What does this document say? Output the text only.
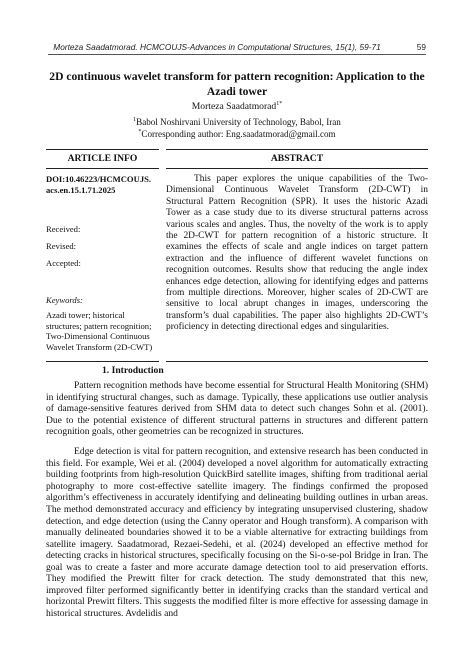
Morteza Saadatmorad. HCMCOUJS-Advances in Computational Structures, 15(1), 59-71	59
2D continuous wavelet transform for pattern recognition: Application to the Azadi tower
Morteza Saadatmorad$^{1*}$
$^1$Babol Noshirvani University of Technology, Babol, Iran
*Corresponding author: Eng.saadatmorad@gmail.com
ARTICLE INFO	ABSTRACT
DOI:10.46223/HCMCOUJS. acs.en.15.1.71.2025
Received:
Revised:
Accepted:
Keywords:
Azadi tower; historical structures; pattern recognition; Two-Dimensional Continuous Wavelet Transform (2D-CWT)
This paper explores the unique capabilities of the Two-Dimensional Continuous Wavelet Transform (2D-CWT) in Structural Pattern Recognition (SPR). It uses the historic Azadi Tower as a case study due to its diverse structural patterns across various scales and angles. Thus, the novelty of the work is to apply the 2D-CWT for pattern recognition of a historic structure. It examines the effects of scale and angle indices on target pattern extraction and the influence of different wavelet functions on recognition outcomes. Results show that reducing the angle index enhances edge detection, allowing for identifying edges and patterns from multiple directions. Moreover, higher scales of 2D-CWT are sensitive to local abrupt changes in images, underscoring the transform’s dual capabilities. The paper also highlights 2D-CWT’s proficiency in detecting directional edges and singularities.
1. Introduction

Pattern recognition methods have become essential for Structural Health Monitoring (SHM) in identifying structural changes, such as damage. Typically, these applications use outlier analysis of damage-sensitive features derived from SHM data to detect such changes Sohn et al. (2001). Due to the potential existence of different structural patterns in structures and different pattern recognition goals, other geometries can be recognized in structures.

Edge detection is vital for pattern recognition, and extensive research has been conducted in this field. For example, Wei et al. (2004) developed a novel algorithm for automatically extracting building footprints from high-resolution QuickBird satellite images, shifting from traditional aerial photography to more cost-effective satellite imagery. The findings confirmed the proposed algorithm’s effectiveness in accurately identifying and delineating building outlines in urban areas. The method demonstrated accuracy and efficiency by integrating unsupervised clustering, shadow detection, and edge detection (using the Canny operator and Hough transform). A comparison with manually delineated boundaries showed it to be a viable alternative for extracting buildings from satellite imagery. Saadatmorad, Rezaei-Sedehi, et al. (2024) developed an effective method for detecting cracks in historical structures, specifically focusing on the Si-o-se-pol Bridge in Iran. The goal was to create a faster and more accurate damage detection tool to aid preservation efforts. They modified the Prewitt filter for crack detection. The study demonstrated that this new, improved filter performed significantly better in identifying cracks than the standard vertical and horizontal Prewitt filters. This suggests the modified filter is more effective for assessing damage in historical structures. Avdelidis and
